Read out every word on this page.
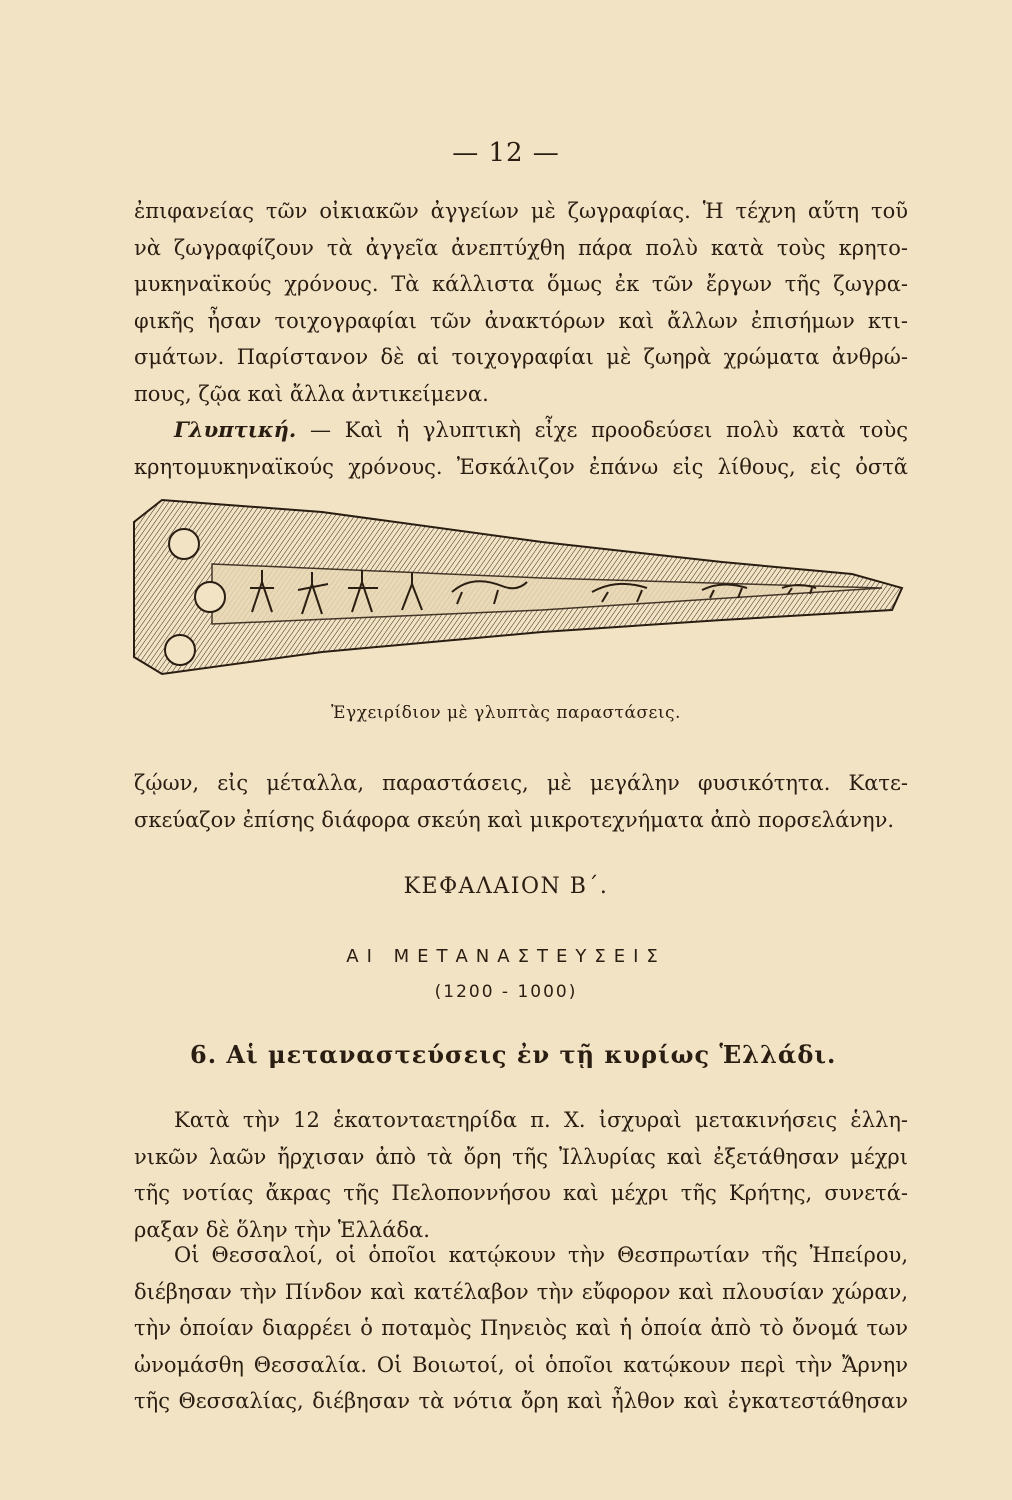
— 12 —
ἐπιφανείας τῶν οἰκιακῶν ἀγγείων μὲ ζωγραφίας. Ἡ τέχνη αὕτη τοῦ
νὰ ζωγραφίζουν τὰ ἀγγεῖα ἀνεπτύχθη πάρα πολὺ κατὰ τοὺς κρητο-
μυκηναϊκούς χρόνους. Τὰ κάλλιστα ὅμως ἐκ τῶν ἔργων τῆς ζωγρα-
φικῆς ἦσαν τοιχογραφίαι τῶν ἀνακτόρων καὶ ἄλλων ἐπισήμων κτι-
σμάτων. Παρίστανον δὲ αἱ τοιχογραφίαι μὲ ζωηρὰ χρώματα ἀνθρώ-
πους, ζῷα καὶ ἄλλα ἀντικείμενα.
Γλυπτική. — Καὶ ἡ γλυπτικὴ εἶχε προοδεύσει πολὺ κατὰ τοὺς
κρητομυκηναϊκούς χρόνους. Ἐσκάλιζον ἐπάνω εἰς λίθους, εἰς ὀστᾶ
Ἐγχειρίδιον μὲ γλυπτὰς παραστάσεις.
ζῴων, εἰς μέταλλα, παραστάσεις, μὲ μεγάλην φυσικότητα. Κατε-
σκεύαζον ἐπίσης διάφορα σκεύη καὶ μικροτεχνήματα ἀπὸ πορσελάνην.
ΚΕΦΑΛΑΙΟΝ Β΄.
ΑΙ ΜΕΤΑΝΑΣΤΕΥΣΕΙΣ
(1200 - 1000)
6. Αἱ μεταναστεύσεις ἐν τῇ κυρίως Ἑλλάδι.
Κατὰ τὴν 12 ἑκατονταετηρίδα π. Χ. ἰσχυραὶ μετακινήσεις ἑλλη-
νικῶν λαῶν ἤρχισαν ἀπὸ τὰ ὄρη τῆς Ἰλλυρίας καὶ ἐξετάθησαν μέχρι
τῆς νοτίας ἄκρας τῆς Πελοποννήσου καὶ μέχρι τῆς Κρήτης, συνετά-
ραξαν δὲ ὅλην τὴν Ἑλλάδα.
Οἱ Θεσσαλοί, οἱ ὁποῖοι κατῴκουν τὴν Θεσπρωτίαν τῆς Ἠπείρου,
διέβησαν τὴν Πίνδον καὶ κατέλαβον τὴν εὔφορον καὶ πλουσίαν χώραν,
τὴν ὁποίαν διαρρέει ὁ ποταμὸς Πηνειὸς καὶ ἡ ὁποία ἀπὸ τὸ ὄνομά των
ὠνομάσθη Θεσσαλία. Οἱ Βοιωτοί, οἱ ὁποῖοι κατῴκουν περὶ τὴν Ἄρνην
τῆς Θεσσαλίας, διέβησαν τὰ νότια ὄρη καὶ ἦλθον καὶ ἐγκατεστάθησαν
